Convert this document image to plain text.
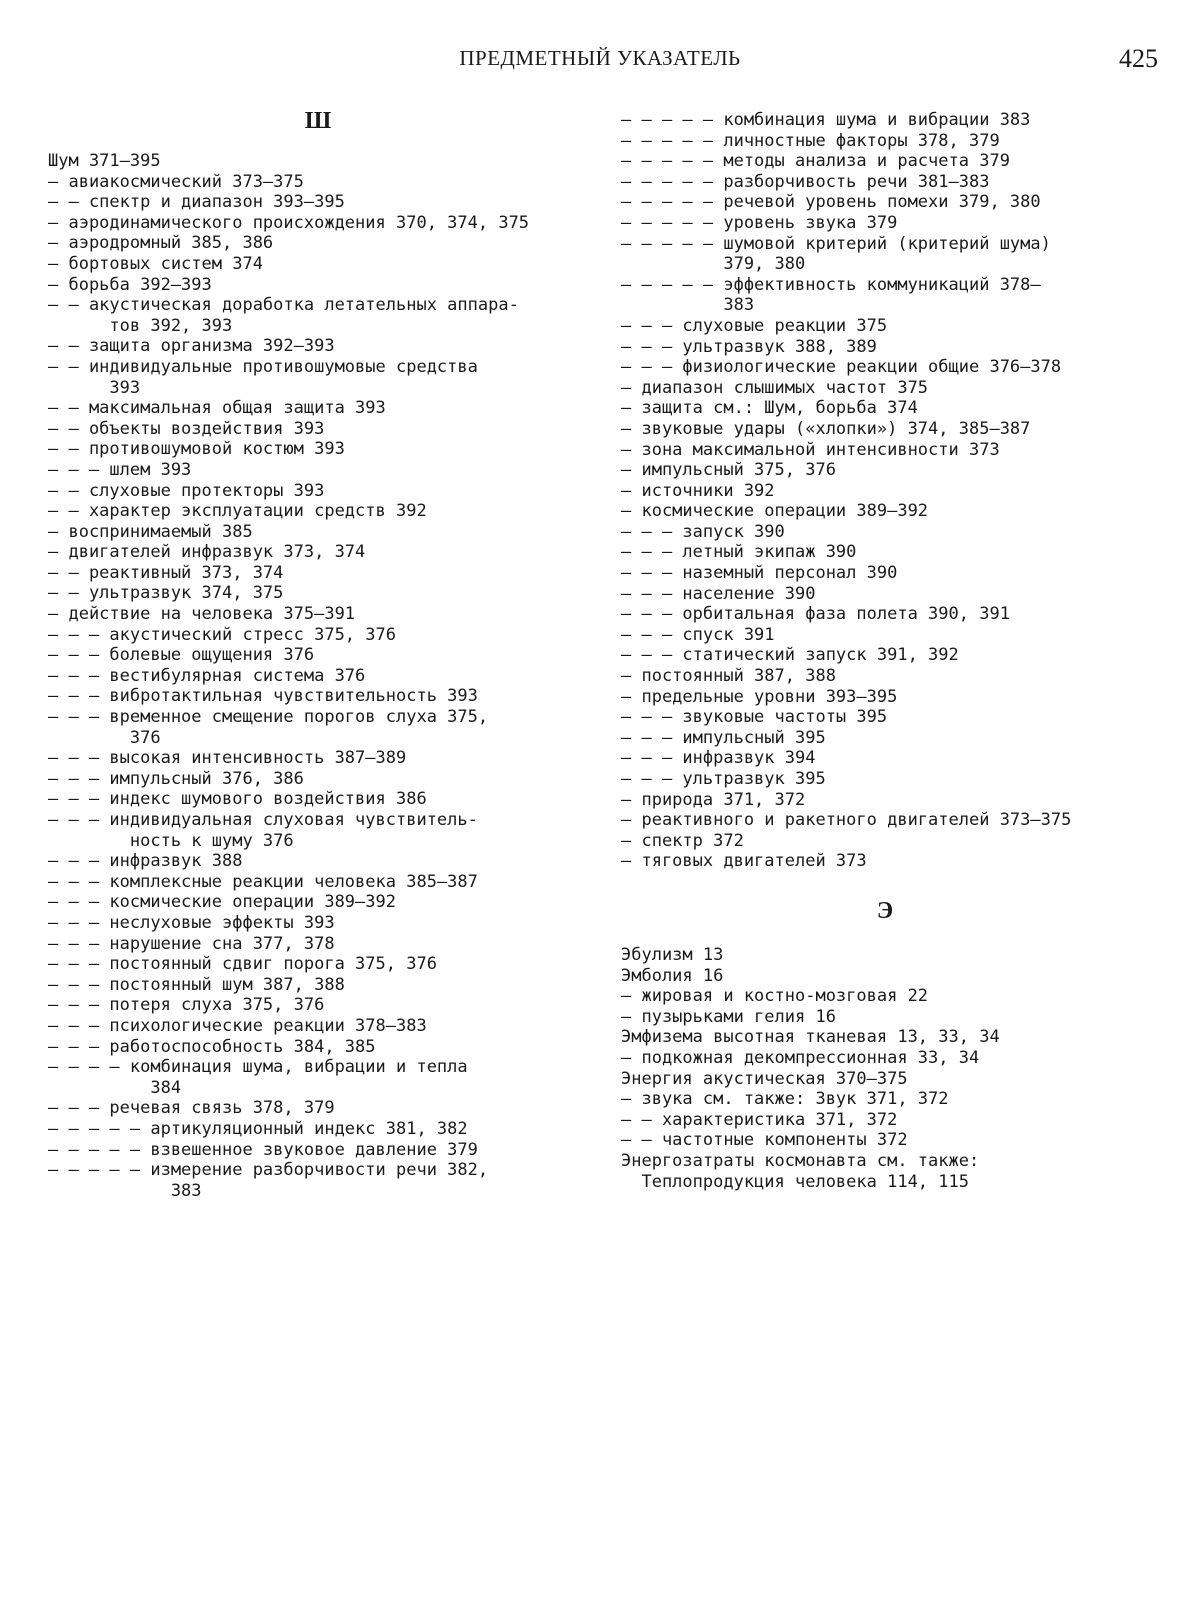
ПРЕДМЕТНЫЙ УКАЗАТЕЛЬ	425
Ш
Шум 371—395
— авиакосмический 373—375
— — спектр и диапазон 393—395
— аэродинамического происхождения 370, 374, 375
— аэродромный 385, 386
— бортовых систем 374
— борьба 392—393
— — акустическая доработка летательных аппара-
тов 392, 393
— — защита организма 392—393
— — индивидуальные противошумовые средства
393
— — максимальная общая защита 393
— — объекты воздействия 393
— — противошумовой костюм 393
— — — шлем 393
— — слуховые протекторы 393
— — характер эксплуатации средств 392
— воспринимаемый 385
— двигателей инфразвук 373, 374
— — реактивный 373, 374
— — ультразвук 374, 375
— действие на человека 375—391
— — — акустический стресс 375, 376
— — — болевые ощущения 376
— — — вестибулярная система 376
— — — вибротактильная чувствительность 393
— — — временное смещение порогов слуха 375,
376
— — — высокая интенсивность 387—389
— — — импульсный 376, 386
— — — индекс шумового воздействия 386
— — — индивидуальная слуховая чувствитель-
ность к шуму 376
— — — инфразвук 388
— — — комплексные реакции человека 385—387
— — — космические операции 389—392
— — — неслуховые эффекты 393
— — — нарушение сна 377, 378
— — — постоянный сдвиг порога 375, 376
— — — постоянный шум 387, 388
— — — потеря слуха 375, 376
— — — психологические реакции 378—383
— — — работоспособность 384, 385
— — — — комбинация шума, вибрации и тепла
384
— — — речевая связь 378, 379
— — — — — артикуляционный индекс 381, 382
— — — — — взвешенное звуковое давление 379
— — — — — измерение разборчивости речи 382,
383
— — — — — комбинация шума и вибрации 383
— — — — — личностные факторы 378, 379
— — — — — методы анализа и расчета 379
— — — — — разборчивость речи 381—383
— — — — — речевой уровень помехи 379, 380
— — — — — уровень звука 379
— — — — — шумовой критерий (критерий шума)
379, 380
— — — — — эффективность коммуникаций 378—
383
— — — слуховые реакции 375
— — — ультразвук 388, 389
— — — физиологические реакции общие 376—378
— диапазон слышимых частот 375
— защита см.: Шум, борьба 374
— звуковые удары («хлопки») 374, 385—387
— зона максимальной интенсивности 373
— импульсный 375, 376
— источники 392
— космические операции 389—392
— — — запуск 390
— — — летный экипаж 390
— — — наземный персонал 390
— — — население 390
— — — орбитальная фаза полета 390, 391
— — — спуск 391
— — — статический запуск 391, 392
— постоянный 387, 388
— предельные уровни 393—395
— — — звуковые частоты 395
— — — импульсный 395
— — — инфразвук 394
— — — ультразвук 395
— природа 371, 372
— реактивного и ракетного двигателей 373—375
— спектр 372
— тяговых двигателей 373
Э
Эбулизм 13
Эмболия 16
— жировая и костно-мозговая 22
— пузырьками гелия 16
Эмфизема высотная тканевая 13, 33, 34
— подкожная декомпрессионная 33, 34
Энергия акустическая 370—375
— звука см. также: Звук 371, 372
— — характеристика 371, 372
— — частотные компоненты 372
Энергозатраты космонавта см. также:
Теплопродукция человека 114, 115
